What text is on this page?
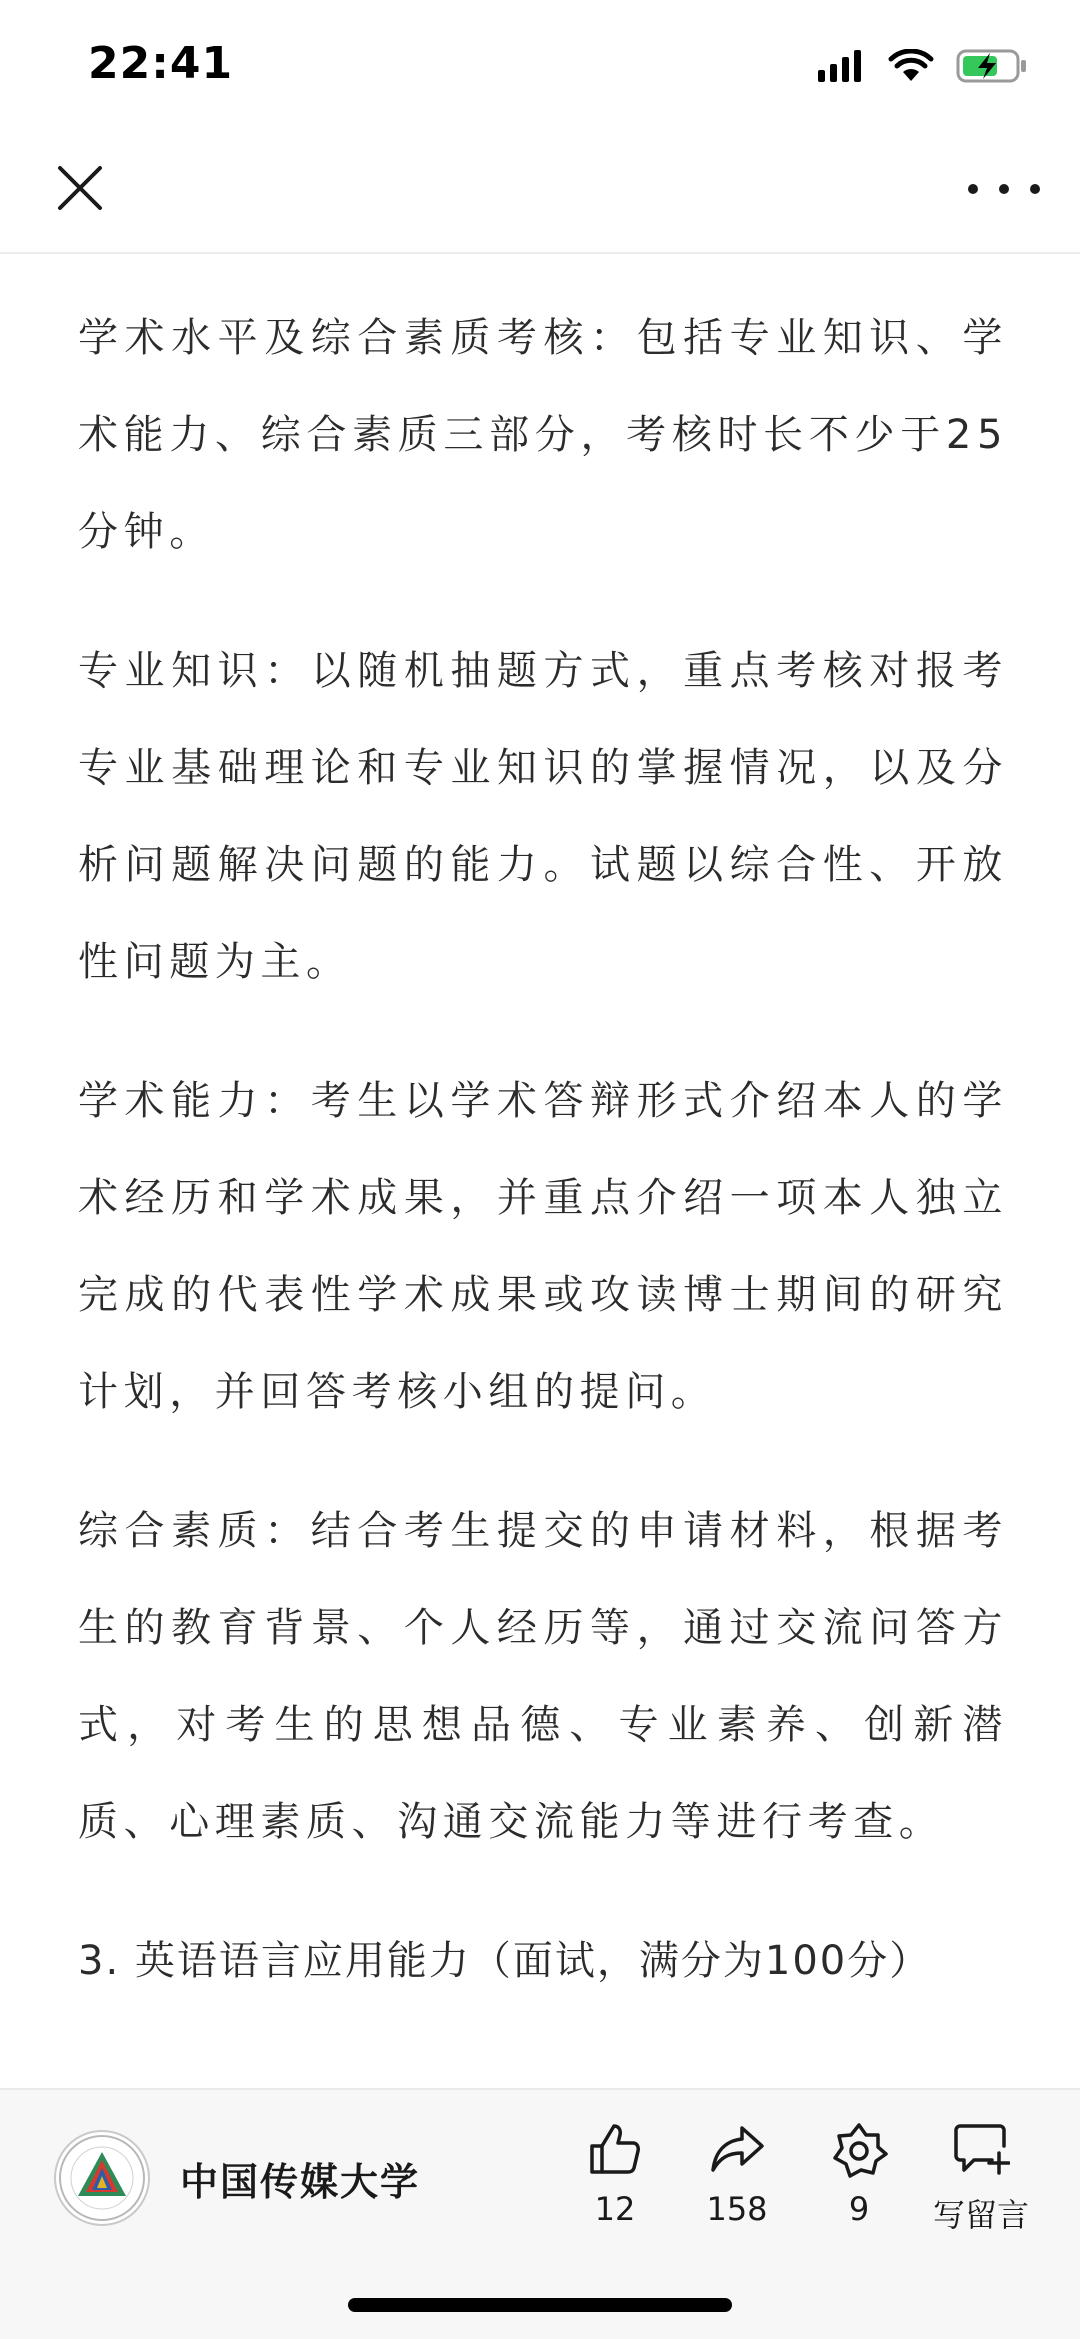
22:41

学术水平及综合素质考核：包括专业知识、学术能力、综合素质三部分，考核时长不少于25分钟。

专业知识：以随机抽题方式，重点考核对报考专业基础理论和专业知识的掌握情况，以及分析问题解决问题的能力。试题以综合性、开放性问题为主。

学术能力：考生以学术答辩形式介绍本人的学术经历和学术成果，并重点介绍一项本人独立完成的代表性学术成果或攻读博士期间的研究计划，并回答考核小组的提问。

综合素质：结合考生提交的申请材料，根据考生的教育背景、个人经历等，通过交流问答方式，对考生的思想品德、专业素养、创新潜质、心理素质、沟通交流能力等进行考查。

3. 英语语言应用能力（面试，满分为100分）

中国传媒大学
12 158	9 写留言
